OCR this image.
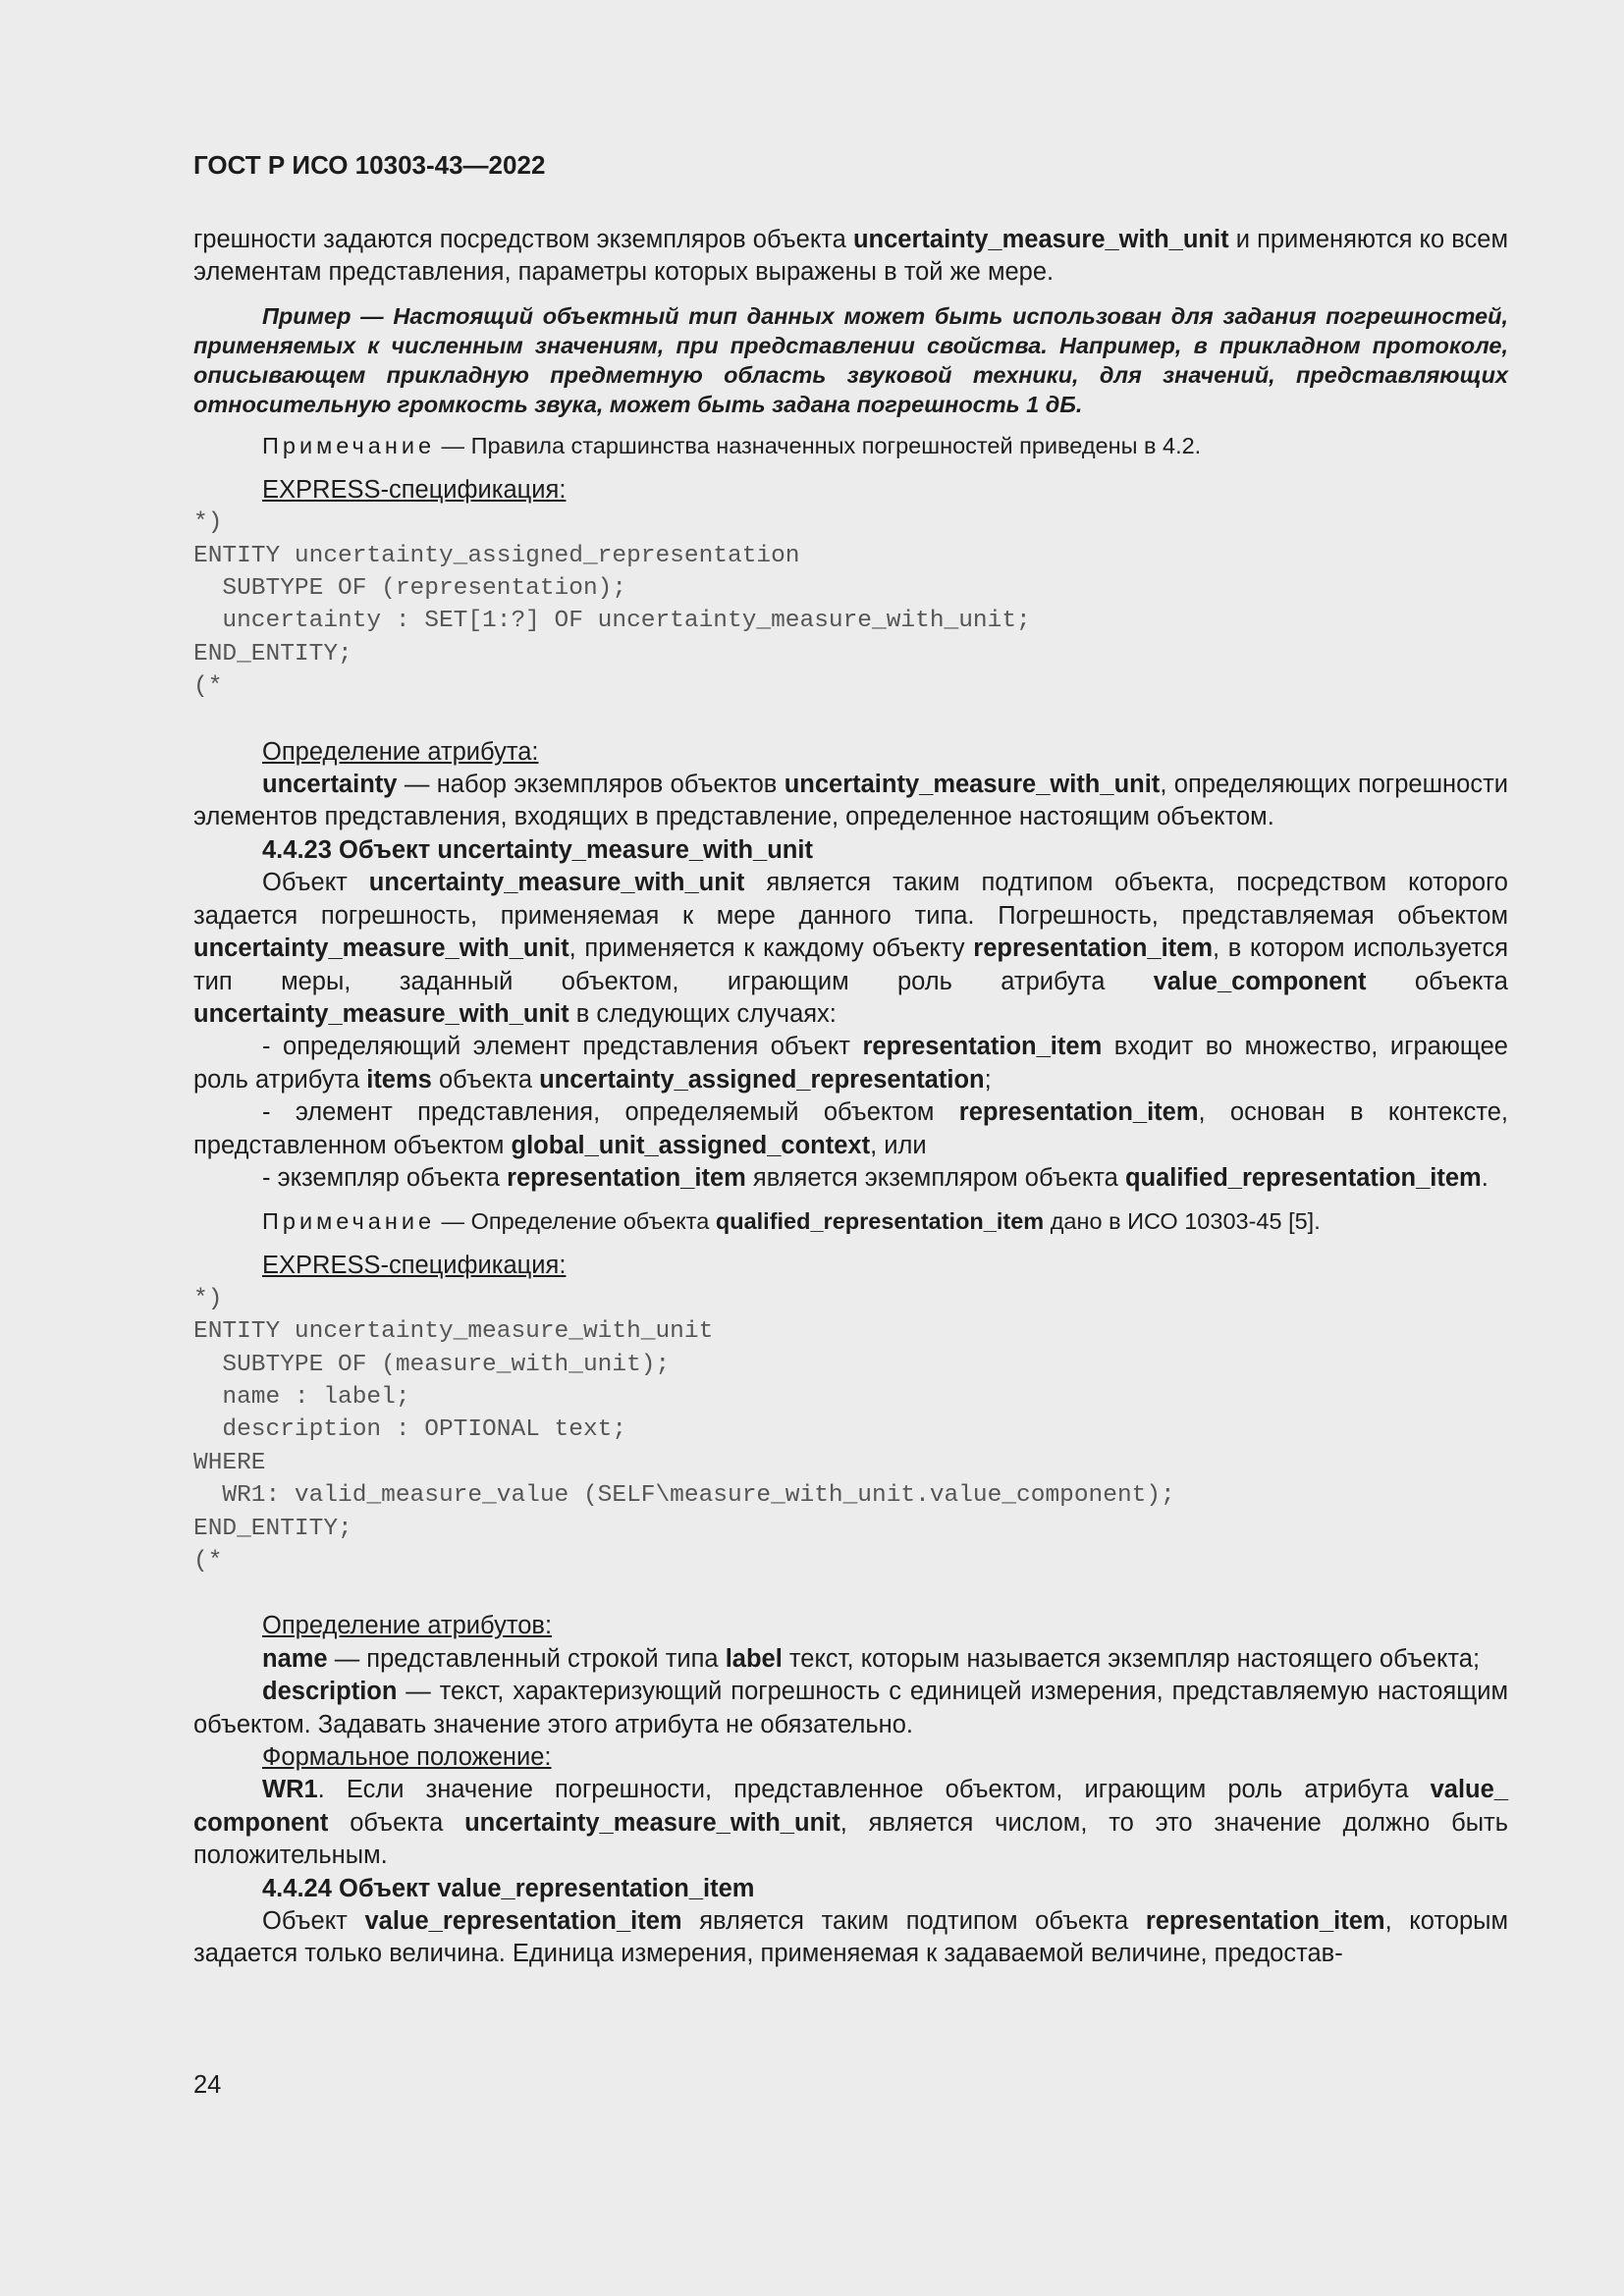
ГОСТ Р ИСО 10303-43—2022

грешности задаются посредством экземпляров объекта uncertainty_measure_with_unit и применяются ко всем элементам представления, параметры которых выражены в той же мере.

Пример — Настоящий объектный тип данных может быть использован для задания погрешностей, применяемых к численным значениям, при представлении свойства. Например, в прикладном протоколе, описывающем прикладную предметную область звуковой техники, для значений, представляющих относительную громкость звука, может быть задана погрешность 1 дБ.

Примечание — Правила старшинства назначенных погрешностей приведены в 4.2.

EXPRESS-спецификация:

*)
ENTITY uncertainty_assigned_representation
SUBTYPE OF (representation);
uncertainty : SET[1:?] OF uncertainty_measure_with_unit;
END_ENTITY;
(*

Определение атрибута:

uncertainty — набор экземпляров объектов uncertainty_measure_with_unit, определяющих погрешности элементов представления, входящих в представление, определенное настоящим объектом.

4.4.23 Объект uncertainty_measure_with_unit

Объект uncertainty_measure_with_unit является таким подтипом объекта, посредством которого задается погрешность, применяемая к мере данного типа. Погрешность, представляемая объектом uncertainty_measure_with_unit, применяется к каждому объекту representation_item, в котором используется тип меры, заданный объектом, играющим роль атрибута value_component объекта uncertainty_measure_with_unit в следующих случаях:

- определяющий элемент представления объект representation_item входит во множество, играющее роль атрибута items объекта uncertainty_assigned_representation;

- элемент представления, определяемый объектом representation_item, основан в контексте, представленном объектом global_unit_assigned_context, или

- экземпляр объекта representation_item является экземпляром объекта qualified_representation_item.

Примечание — Определение объекта qualified_representation_item дано в ИСО 10303-45 [5].

EXPRESS-спецификация:

*)
ENTITY uncertainty_measure_with_unit
SUBTYPE OF (measure_with_unit);
name : label;
description : OPTIONAL text;
WHERE
WR1: valid_measure_value (SELF\measure_with_unit.value_component);
END_ENTITY;
(*

Определение атрибутов:

name — представленный строкой типа label текст, которым называется экземпляр настоящего объекта;

description — текст, характеризующий погрешность с единицей измерения, представляемую настоящим объектом. Задавать значение этого атрибута не обязательно.

Формальное положение:

WR1. Если значение погрешности, представленное объектом, играющим роль атрибута value_ component объекта uncertainty_measure_with_unit, является числом, то это значение должно быть положительным.

4.4.24 Объект value_representation_item

Объект value_representation_item является таким подтипом объекта representation_item, которым задается только величина. Единица измерения, применяемая к задаваемой величине, предостав-

24
